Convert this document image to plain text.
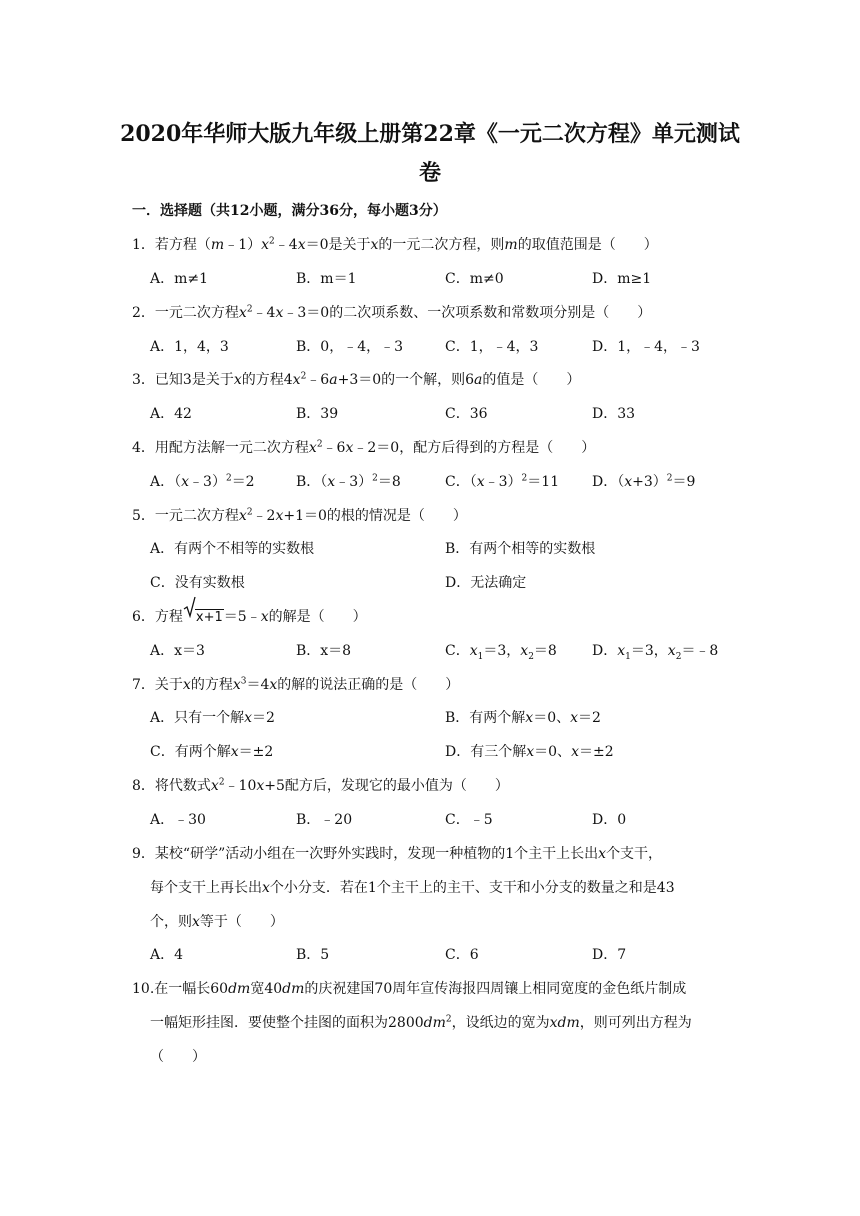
2020年华师大版九年级上册第22章《一元二次方程》单元测试
卷
一．选择题（共12小题，满分36分，每小题3分）
1．若方程$(m﹣1)x^2﹣4x=0$是关于x的一元二次方程，则m的取值范围是（　　）
A．m≠1	B．m＝1	C．m≠0	D．m≥1
2．一元二次方程$x^2﹣4x﹣3=0$的二次项系数、一次项系数和常数项分别是（　　）
A．1，4，3	B．0，﹣4，﹣3	C．1，﹣4，3	D．1，﹣4，﹣3
3．已知3是关于x的方程$4x^2﹣6a+3=0$的一个解，则6a的值是（　　）
A．42	B．39	C．36	D．33
4．用配方法解一元二次方程$x^2﹣6x﹣2=0$，配方后得到的方程是（　　）
A．（x﹣3）$^2$＝2	B．（x﹣3）$^2$＝8	C．（x﹣3）$^2$＝11 D．$(x+3)^2=9$
5．一元二次方程$x^2﹣2x+1=0$的根的情况是（　　）
A．有两个不相等的实数根	B．有两个相等的实数根
C．没有实数根	D．无法确定
6．方程 x+1＝5﹣x的解是（　　）
A．x＝3	B．x＝8	C．$x_1=3$，$x_2=8$	D．$x_1=3$，$x_2=﹣8$
7．关于x的方程$x^3=4x$的解的说法正确的是（　　）
A．只有一个解x＝2	B．有两个解x＝0、x＝2
C．有两个解x＝±2	D．有三个解x＝0、x＝±2
8．将代数式$x^2﹣10x+5$配方后，发现它的最小值为（　　）
A．﹣30	B．﹣20	C．﹣5	D．0
9．某校“研学”活动小组在一次野外实践时，发现一种植物的1个主干上长出x个支干，
每个支干上再长出x个小分支．若在1个主干上的主干、支干和小分支的数量之和是43
个，则x等于（　　）
A．4	B．5	C．6	D．7
10.在一幅长60dm宽40dm的庆祝建国70周年宣传海报四周镶上相同宽度的金色纸片制成
一幅矩形挂图．要使整个挂图的面积为$2800dm^2$，设纸边的宽为xdm，则可列出方程为
（　　）
